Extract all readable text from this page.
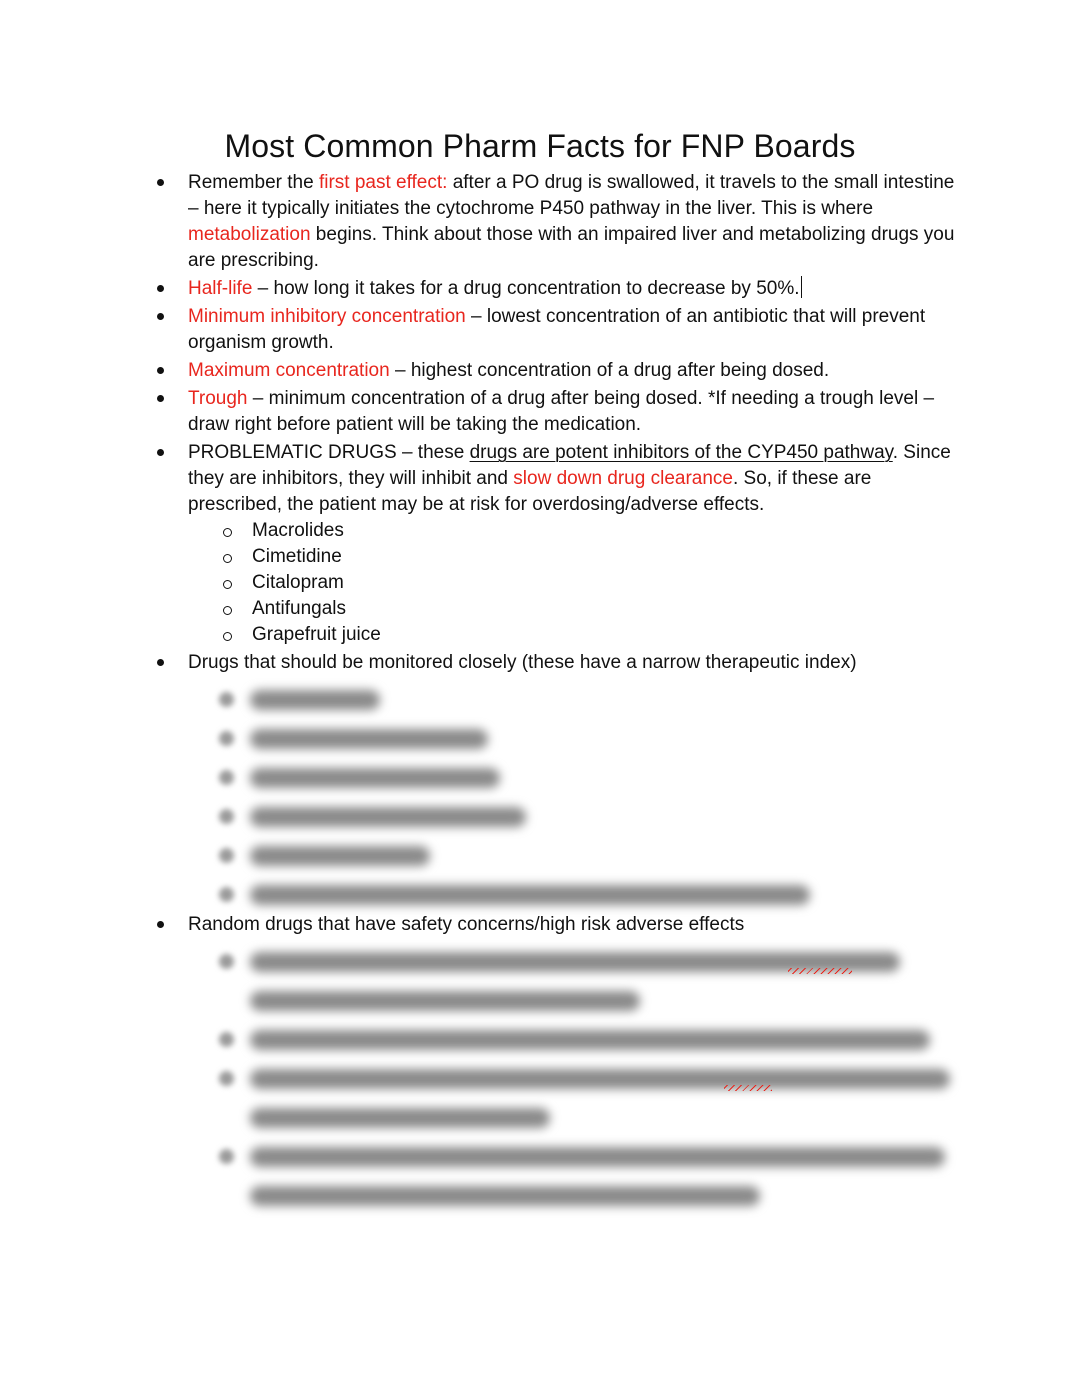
Most Common Pharm Facts for FNP Boards
Remember the first past effect: after a PO drug is swallowed, it travels to the small intestine – here it typically initiates the cytochrome P450 pathway in the liver. This is where metabolization begins. Think about those with an impaired liver and metabolizing drugs you are prescribing.
Half-life – how long it takes for a drug concentration to decrease by 50%.
Minimum inhibitory concentration – lowest concentration of an antibiotic that will prevent organism growth.
Maximum concentration – highest concentration of a drug after being dosed.
Trough – minimum concentration of a drug after being dosed. *If needing a trough level – draw right before patient will be taking the medication.
PROBLEMATIC DRUGS – these drugs are potent inhibitors of the CYP450 pathway. Since they are inhibitors, they will inhibit and slow down drug clearance. So, if these are prescribed, the patient may be at risk for overdosing/adverse effects.
Macrolides
Cimetidine
Citalopram
Antifungals
Grapefruit juice
Drugs that should be monitored closely (these have a narrow therapeutic index)
Random drugs that have safety concerns/high risk adverse effects
